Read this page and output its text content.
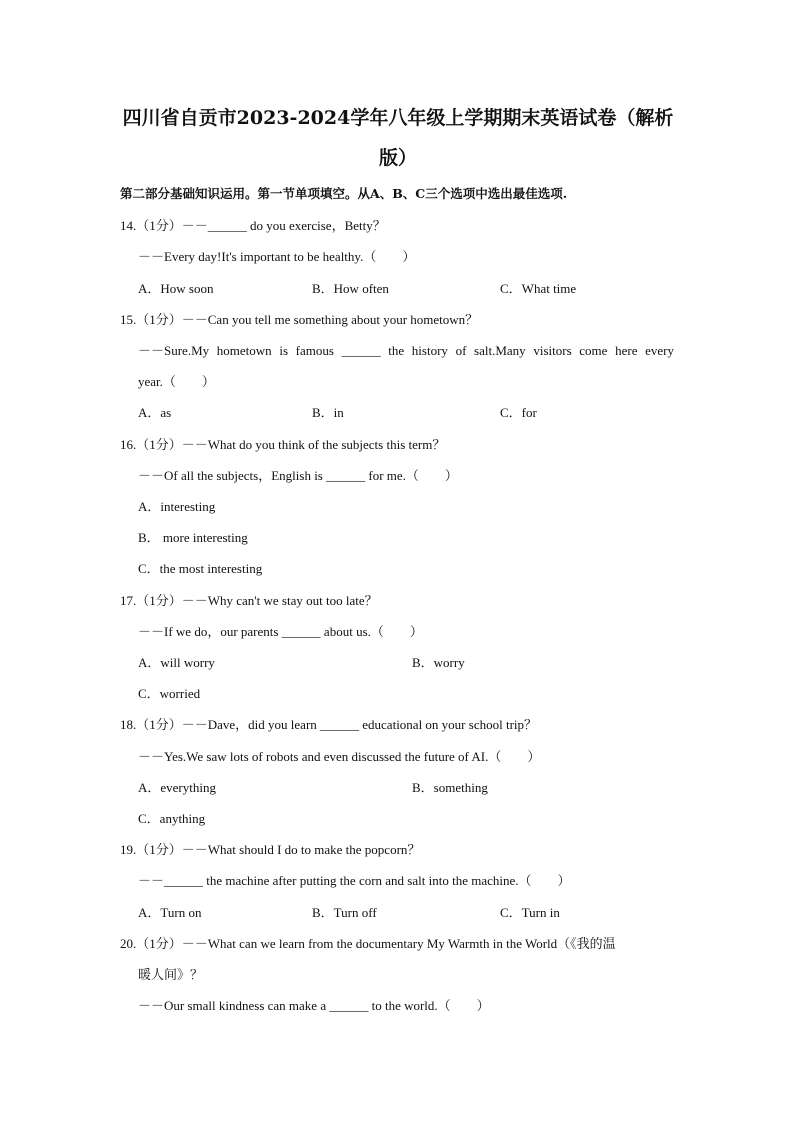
四川省自贡市2023-2024学年八年级上学期期末英语试卷（解析
版）
第二部分基础知识运用。第一节单项填空。从A、B、C三个选项中选出最佳选项.
14.（1分）－－______ do you exercise，Betty？
－－Every day!It's important to be healthy.（　　）
A．How soon	B．How often	C．What time
15.（1分）－－Can you tell me something about your hometown？
－－Sure.My hometown is famous ______ the history of salt.Many visitors come here every
year.（　　）
A．as	B．in	C．for
16.（1分）－－What do you think of the subjects this term？
－－Of all the subjects，English is ______ for me.（　　）
A．interesting
B． more interesting
C．the most interesting
17.（1分）－－Why can't we stay out too late？
－－If we do，our parents ______ about us.（　　）
A．will worry	B．worry
C．worried
18.（1分）－－Dave，did you learn ______ educational on your school trip？
－－Yes.We saw lots of robots and even discussed the future of AI.（　　）
A．everything	B．something
C．anything
19.（1分）－－What should I do to make the popcorn？
－－______ the machine after putting the corn and salt into the machine.（　　）
A．Turn on	B．Turn off	C．Turn in
20.（1分）－－What can we learn from the documentary My Warmth in the World（《我的温
暖人间》？
－－Our small kindness can make a ______ to the world.（　　）
